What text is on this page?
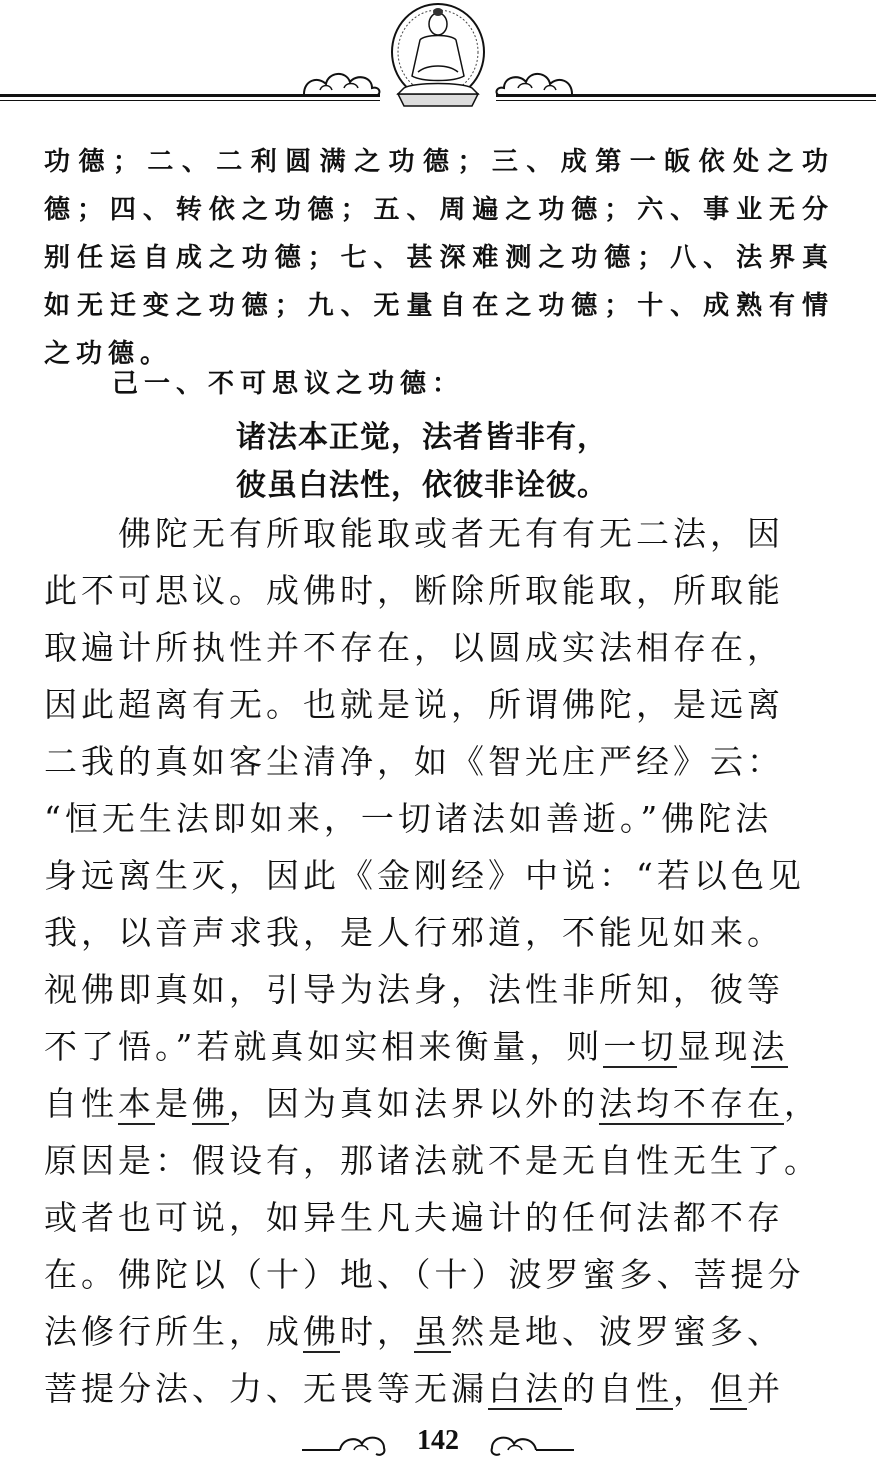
功德；二、二利圆满之功德；三、成第一皈依处之功德；四、转依之功德；五、周遍之功德；六、事业无分别任运自成之功德；七、甚深难测之功德；八、法界真如无迁变之功德；九、无量自在之功德；十、成熟有情之功德。
己一、不可思议之功德：
诸法本正觉，法者皆非有，
彼虽白法性，依彼非诠彼。
佛陀无有所取能取或者无有有无二法，因
此不可思议。成佛时，断除所取能取，所取能
取遍计所执性并不存在，以圆成实法相存在，
因此超离有无。也就是说，所谓佛陀，是远离
二我的真如客尘清净，如《智光庄严经》云：
“恒无生法即如来，一切诸法如善逝。”佛陀法
身远离生灭，因此《金刚经》中说：“若以色见
我，以音声求我，是人行邪道，不能见如来。
视佛即真如，引导为法身，法性非所知，彼等
不了悟。”若就真如实相来衡量，则一切显现法
自性本是佛，因为真如法界以外的法均不存在，
原因是：假设有，那诸法就不是无自性无生了。
或者也可说，如异生凡夫遍计的任何法都不存
在。佛陀以（十）地、（十）波罗蜜多、菩提分
法修行所生，成佛时，虽然是地、波罗蜜多、
菩提分法、力、无畏等无漏白法的自性，但并
142
